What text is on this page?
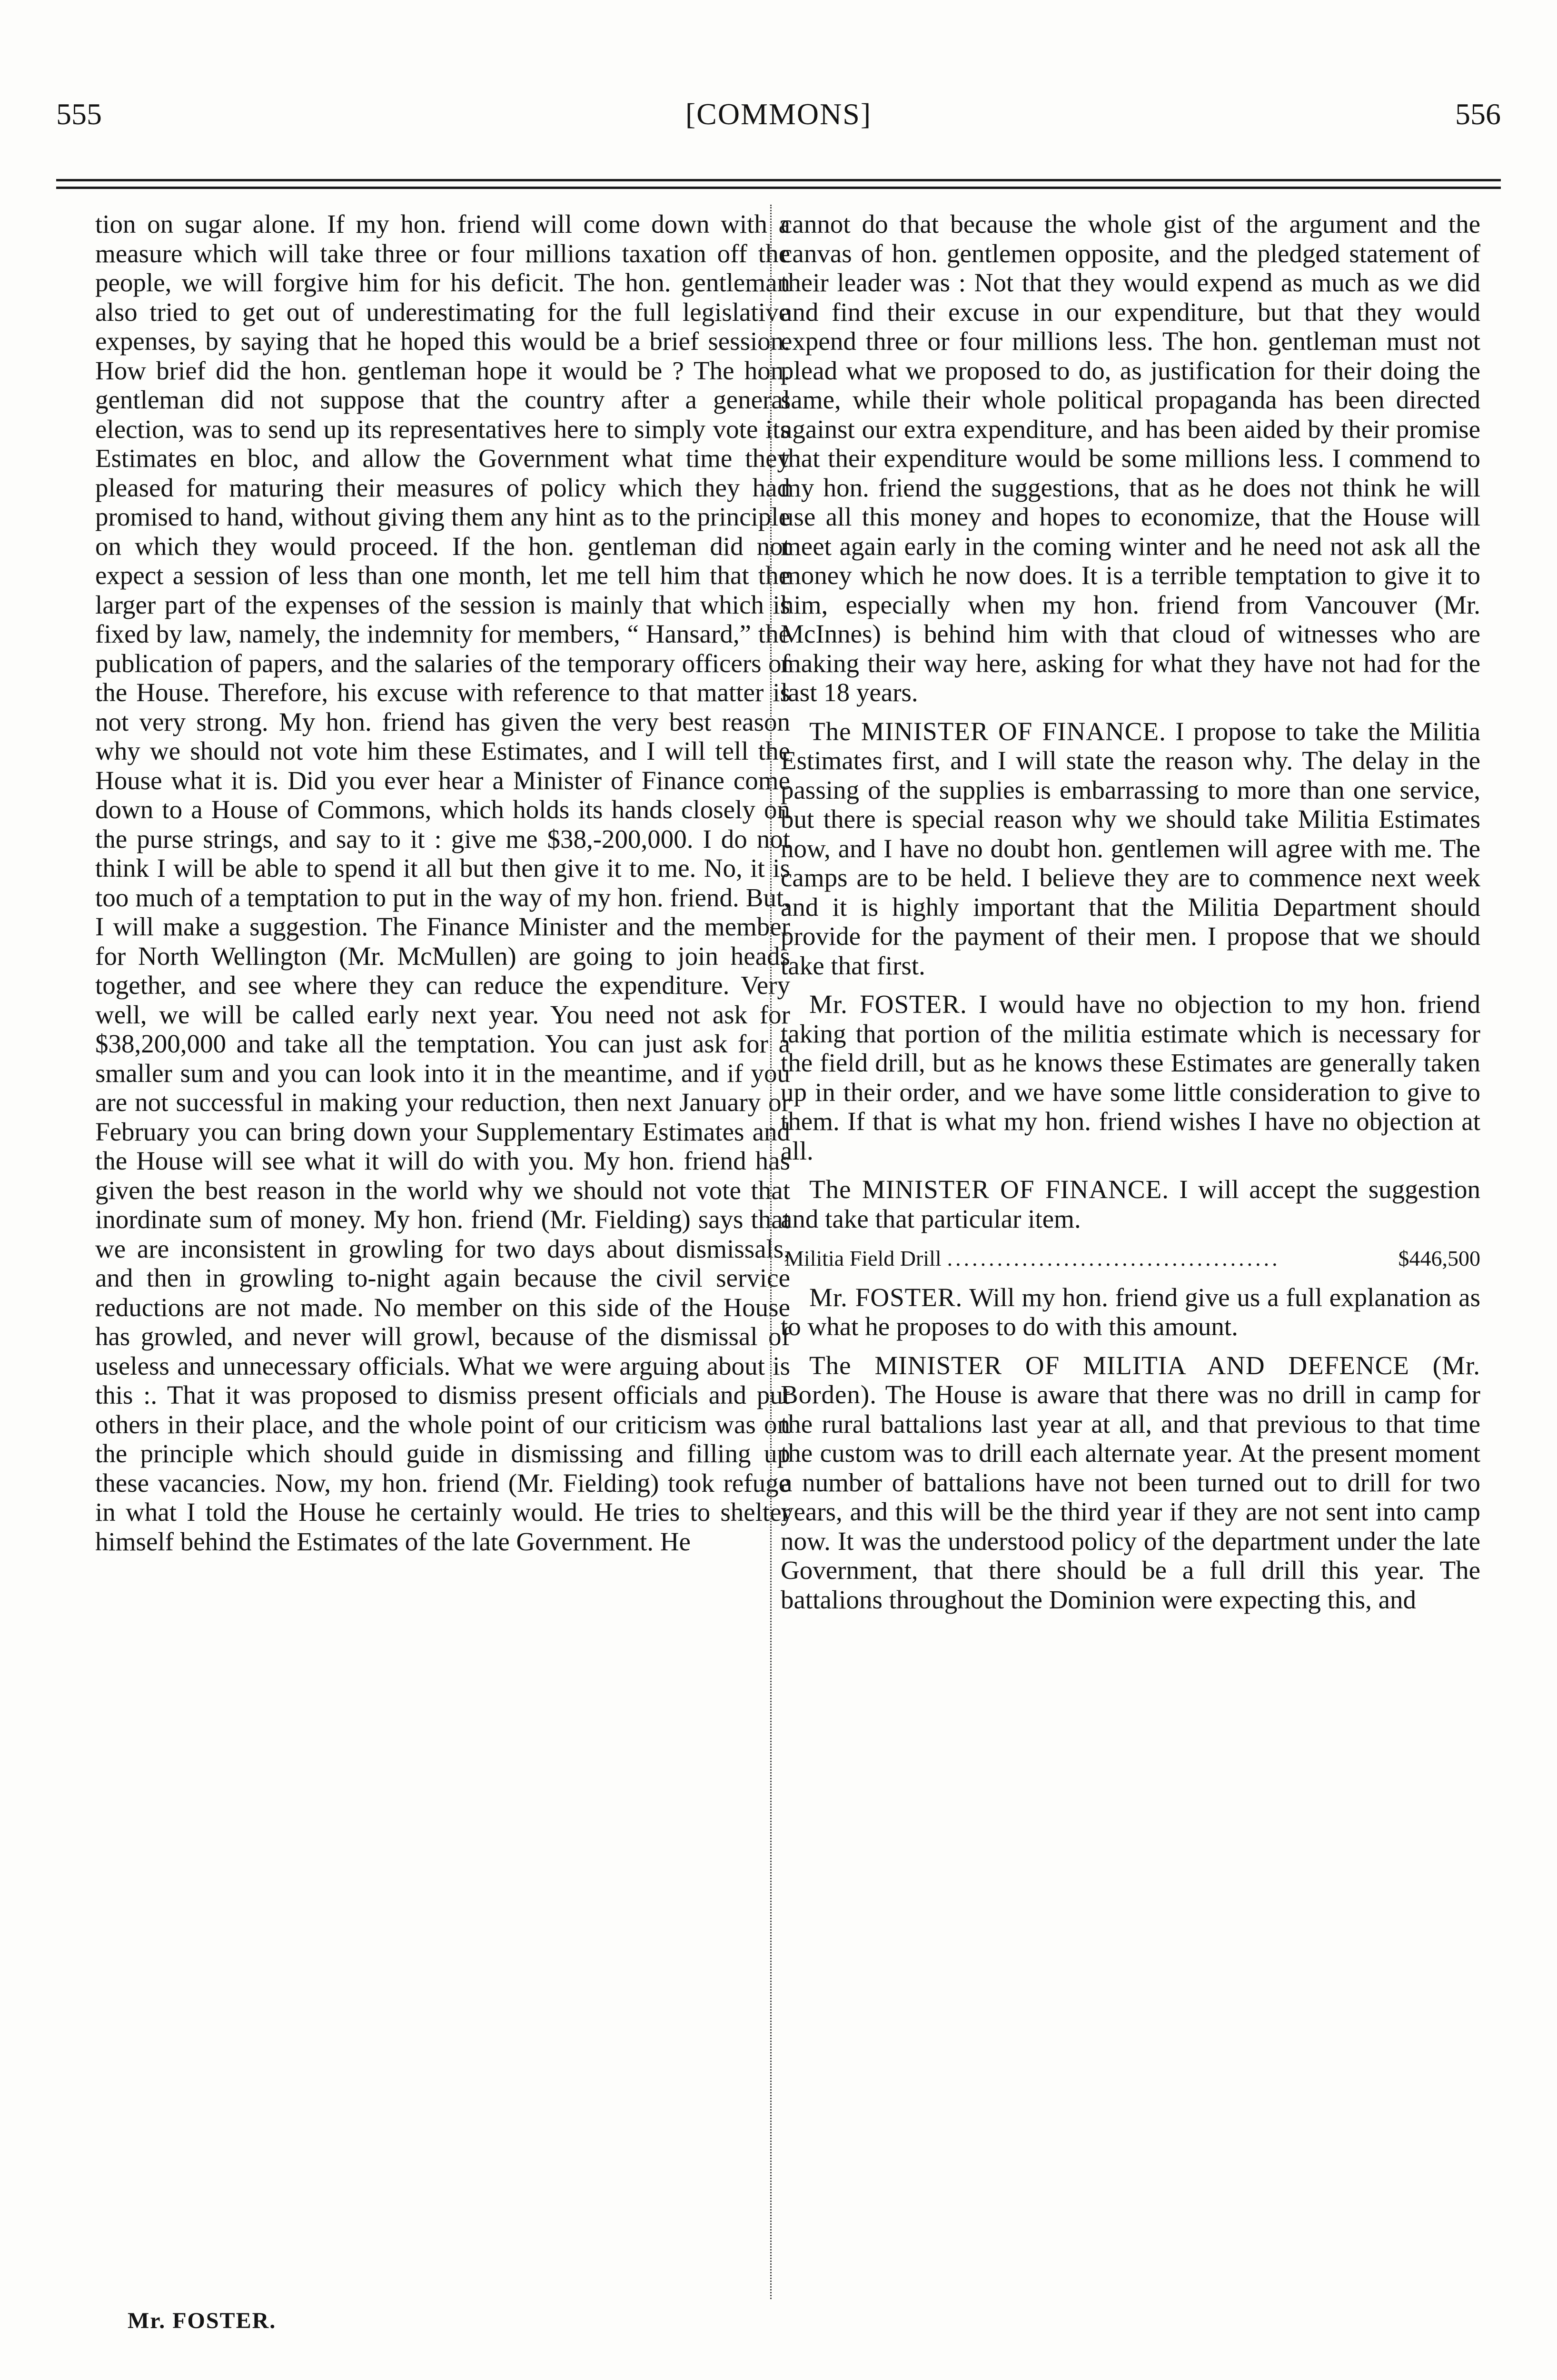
555	[COMMONS]	556

tion on sugar alone. If my hon. friend will come down with a measure which will take three or four millions taxation off the people, we will forgive him for his deficit. The hon. gentleman also tried to get out of underestimating for the full legislative expenses, by saying that he hoped this would be a brief session. How brief did the hon. gentleman hope it would be ? The hon. gentleman did not suppose that the country after a general election, was to send up its representatives here to simply vote its Estimates en bloc, and allow the Government what time they pleased for maturing their measures of policy which they had promised to hand, without giving them any hint as to the principle on which they would proceed. If the hon. gentleman did not expect a session of less than one month, let me tell him that the larger part of the expenses of the session is mainly that which is fixed by law, namely, the indemnity for members, “ Hansard,” the publication of papers, and the salaries of the temporary officers of the House. Therefore, his excuse with reference to that matter is not very strong. My hon. friend has given the very best reason why we should not vote him these Estimates, and I will tell the House what it is. Did you ever hear a Minister of Finance come down to a House of Commons, which holds its hands closely on the purse strings, and say to it : give me $38,-200,000. I do not think I will be able to spend it all but then give it to me. No, it is too much of a temptation to put in the way of my hon. friend. But, I will make a suggestion. The Finance Minister and the member for North Wellington (Mr. McMullen) are going to join heads together, and see where they can reduce the expenditure. Very well, we will be called early next year. You need not ask for $38,200,000 and take all the temptation. You can just ask for a smaller sum and you can look into it in the meantime, and if you are not successful in making your reduction, then next January or February you can bring down your Supplementary Estimates and the House will see what it will do with you. My hon. friend has given the best reason in the world why we should not vote that inordinate sum of money. My hon. friend (Mr. Fielding) says that we are inconsistent in growling for two days about dismissals, and then in growling to-night again because the civil service reductions are not made. No member on this side of the House has growled, and never will growl, because of the dismissal of useless and unnecessary officials. What we were arguing about is this :. That it was proposed to dismiss present officials and put others in their place, and the whole point of our criticism was on the principle which should guide in dismissing and filling up these vacancies. Now, my hon. friend (Mr. Fielding) took refuge in what I told the House he certainly would. He tries to shelter himself behind the Estimates of the late Government. He

cannot do that because the whole gist of the argument and the canvas of hon. gentlemen opposite, and the pledged statement of their leader was : Not that they would expend as much as we did and find their excuse in our expenditure, but that they would expend three or four millions less. The hon. gentleman must not plead what we proposed to do, as justification for their doing the same, while their whole political propaganda has been directed against our extra expenditure, and has been aided by their promise that their expenditure would be some millions less. I commend to my hon. friend the suggestions, that as he does not think he will use all this money and hopes to economize, that the House will meet again early in the coming winter and he need not ask all the money which he now does. It is a terrible temptation to give it to him, especially when my hon. friend from Vancouver (Mr. McInnes) is behind him with that cloud of witnesses who are making their way here, asking for what they have not had for the last 18 years.

The MINISTER OF FINANCE. I propose to take the Militia Estimates first, and I will state the reason why. The delay in the passing of the supplies is embarrassing to more than one service, but there is special reason why we should take Militia Estimates now, and I have no doubt hon. gentlemen will agree with me. The camps are to be held. I believe they are to commence next week and it is highly important that the Militia Department should provide for the payment of their men. I propose that we should take that first.

Mr. FOSTER. I would have no objection to my hon. friend taking that portion of the militia estimate which is necessary for the field drill, but as he knows these Estimates are generally taken up in their order, and we have some little consideration to give to them. If that is what my hon. friend wishes I have no objection at all.

The MINISTER OF FINANCE. I will accept the suggestion and take that particular item.

Militia Field Drill ........................................	$446,500

Mr. FOSTER. Will my hon. friend give us a full explanation as to what he proposes to do with this amount.

The MINISTER OF MILITIA AND DEFENCE (Mr. Borden). The House is aware that there was no drill in camp for the rural battalions last year at all, and that previous to that time the custom was to drill each alternate year. At the present moment a number of battalions have not been turned out to drill for two years, and this will be the third year if they are not sent into camp now. It was the understood policy of the department under the late Government, that there should be a full drill this year. The battalions throughout the Dominion were expecting this, and

Mr. FOSTER.
